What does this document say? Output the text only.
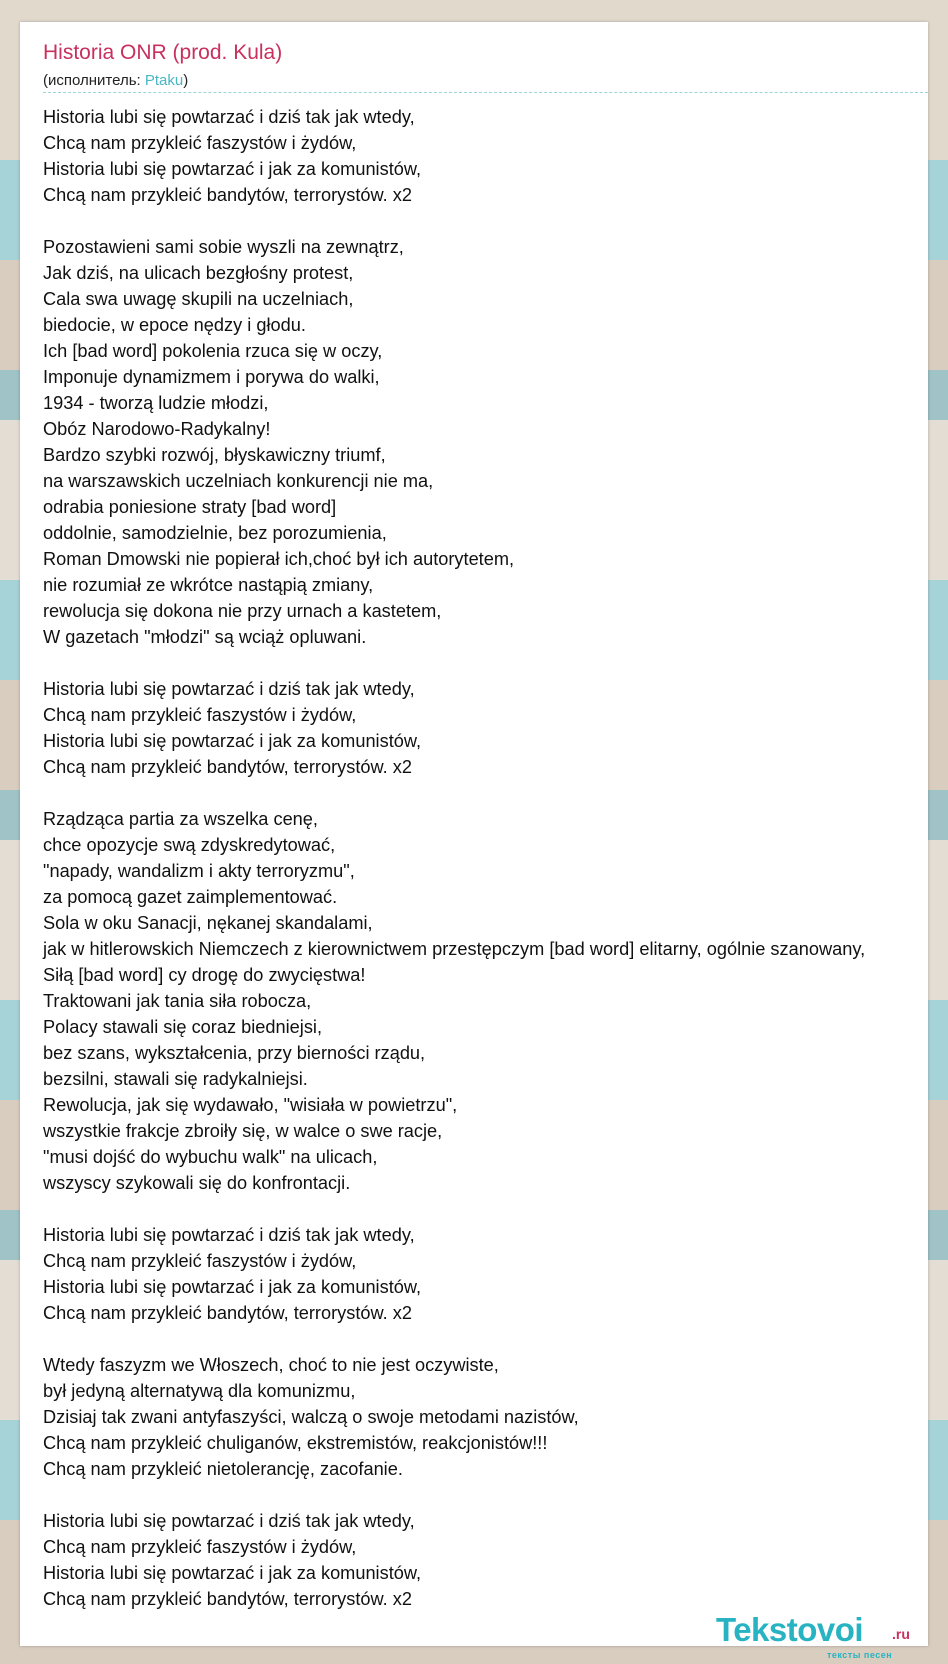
Historia ONR (prod. Kula)
(исполнитель: Ptaku)
Historia lubi się powtarzać i dziś tak jak wtedy,
Chcą nam przykleić faszystów i żydów,
Historia lubi się powtarzać i jak za komunistów,
Chcą nam przykleić bandytów, terrorystów. x2
Pozostawieni sami sobie wyszli na zewnątrz,
Jak dziś, na ulicach bezgłośny protest,
Cala swa uwagę skupili na uczelniach,
biedocie, w epoce nędzy i głodu.
Ich [bad word] pokolenia rzuca się w oczy,
Imponuje dynamizmem i porywa do walki,
1934 - tworzą ludzie młodzi,
Obóz Narodowo-Radykalny!
Bardzo szybki rozwój, błyskawiczny triumf,
na warszawskich uczelniach konkurencji nie ma,
odrabia poniesione straty [bad word]
oddolnie, samodzielnie, bez porozumienia,
Roman Dmowski nie popierał ich,choć był ich autorytetem,
nie rozumiał ze wkrótce nastąpią zmiany,
rewolucja się dokona nie przy urnach a kastetem,
W gazetach "młodzi" są wciąż opluwani.
Historia lubi się powtarzać i dziś tak jak wtedy,
Chcą nam przykleić faszystów i żydów,
Historia lubi się powtarzać i jak za komunistów,
Chcą nam przykleić bandytów, terrorystów. x2
Rządząca partia za wszelka cenę,
chce opozycje swą zdyskredytować,
"napady, wandalizm i akty terroryzmu",
za pomocą gazet zaimplementować.
Sola w oku Sanacji, nękanej skandalami,
jak w hitlerowskich Niemczech z kierownictwem przestępczym [bad word] elitarny, ogólnie szanowany,
Siłą [bad word] cy drogę do zwycięstwa!
Traktowani jak tania siła robocza,
Polacy stawali się coraz biedniejsi,
bez szans, wykształcenia, przy bierności rządu,
bezsilni, stawali się radykalniejsi.
Rewolucja, jak się wydawało, "wisiała w powietrzu",
wszystkie frakcje zbroiły się, w walce o swe racje,
"musi dojść do wybuchu walk" na ulicach,
wszyscy szykowali się do konfrontacji.
Historia lubi się powtarzać i dziś tak jak wtedy,
Chcą nam przykleić faszystów i żydów,
Historia lubi się powtarzać i jak za komunistów,
Chcą nam przykleić bandytów, terrorystów. x2
Wtedy faszyzm we Włoszech, choć to nie jest oczywiste,
był jedyną alternatywą dla komunizmu,
Dzisiaj tak zwani antyfaszyści, walczą o swoje metodami nazistów,
Chcą nam przykleić chuliganów, ekstremistów, reakcjonistów!!!
Chcą nam przykleić nietolerancję, zacofanie.
Historia lubi się powtarzać i dziś tak jak wtedy,
Chcą nam przykleić faszystów i żydów,
Historia lubi się powtarzać i jak za komunistów,
Chcą nam przykleić bandytów, terrorystów. x2
Tekstovoi .ru
тексты песен
